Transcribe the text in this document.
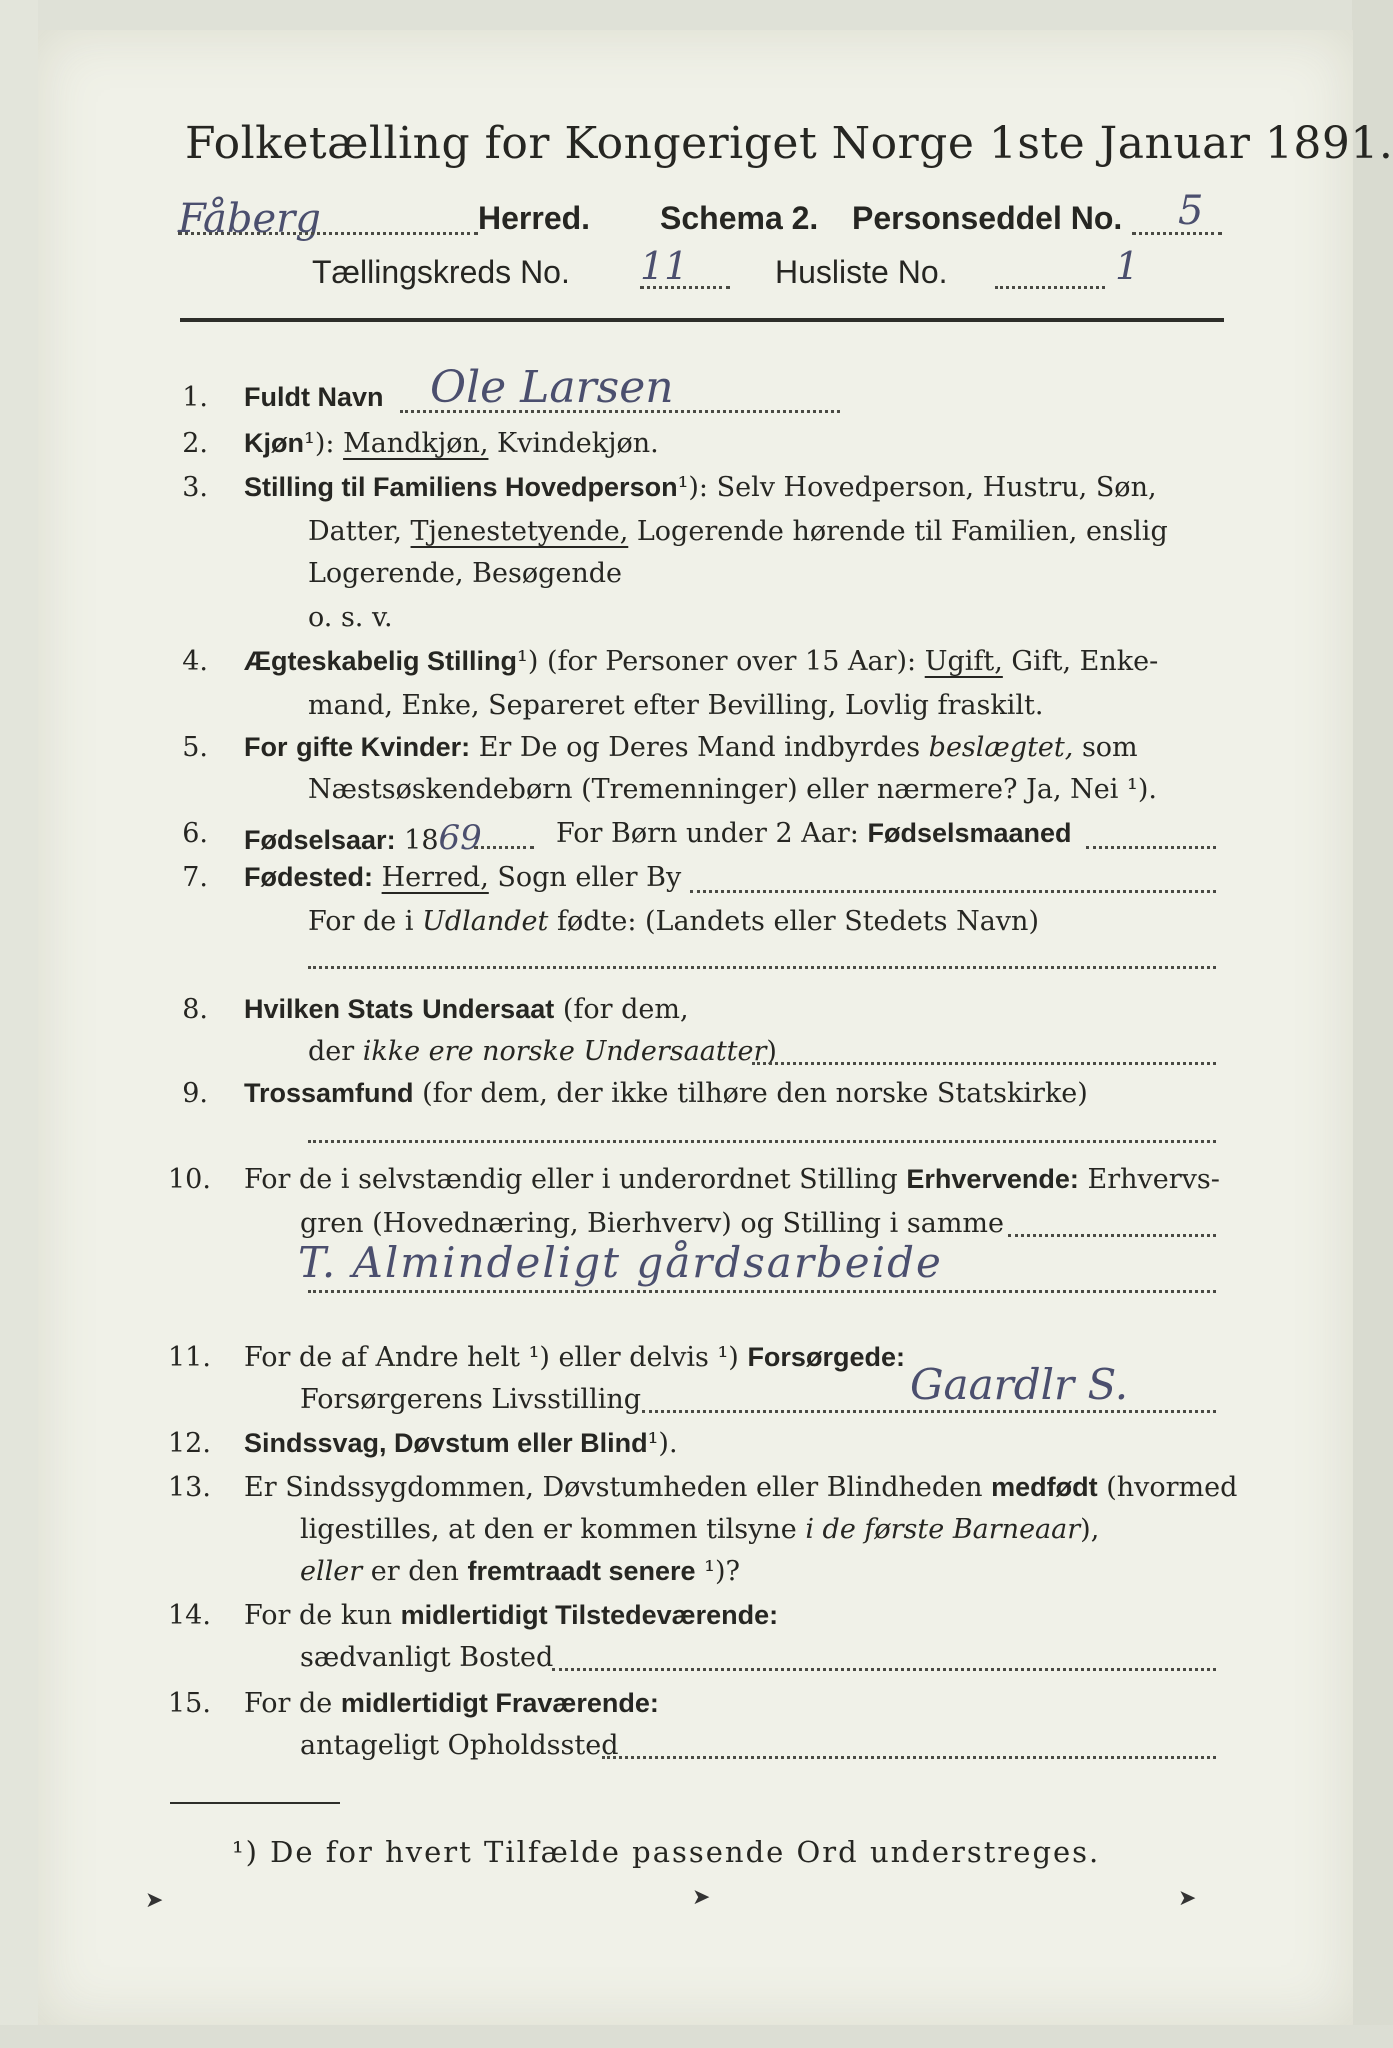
Folketælling for Kongeriget Norge 1ste Januar 1891.
Fåberg	Herred. Schema 2. Personseddel No. 5
Tællingskreds No. 11	Husliste No.	1
1. Fuldt Navn Ole Larsen
2. Kjøn¹): Mandkjøn, Kvindekjøn.
3. Stilling til Familiens Hovedperson¹): Selv Hovedperson, Hustru, Søn,
Datter, Tjenestetyende, Logerende hørende til Familien, enslig
Logerende, Besøgende
o. s. v.
4. Ægteskabelig Stilling¹) (for Personer over 15 Aar): Ugift, Gift, Enke-
mand, Enke, Separeret efter Bevilling, Lovlig fraskilt.
5. For gifte Kvinder: Er De og Deres Mand indbyrdes beslægtet, som
Næstsøskendebørn (Tremenninger) eller nærmere? Ja, Nei ¹).
6. Fødselsaar: 1869	For Børn under 2 Aar: Fødselsmaaned
7. Fødested: Herred, Sogn eller By
For de i Udlandet fødte: (Landets eller Stedets Navn)
8. Hvilken Stats Undersaat (for dem,
der ikke ere norske Undersaatter)
9. Trossamfund (for dem, der ikke tilhøre den norske Statskirke)
10. For de i selvstændig eller i underordnet Stilling Erhvervende: Erhvervs-
gren (Hovednæring, Bierhverv) og Stilling i samme
T. Almindeligt gårdsarbeide
11. For de af Andre helt ¹) eller delvis ¹) Forsørgede:
Forsørgerens Livsstilling	Gaardlr S.
12. Sindssvag, Døvstum eller Blind¹).
13. Er Sindssygdommen, Døvstumheden eller Blindheden medfødt (hvormed
ligestilles, at den er kommen tilsyne i de første Barneaar),
eller er den fremtraadt senere ¹)?
14. For de kun midlertidigt Tilstedeværende:
sædvanligt Bosted
15. For de midlertidigt Fraværende:
antageligt Opholdssted
¹) De for hvert Tilfælde passende Ord understreges.
➤	➤	➤
